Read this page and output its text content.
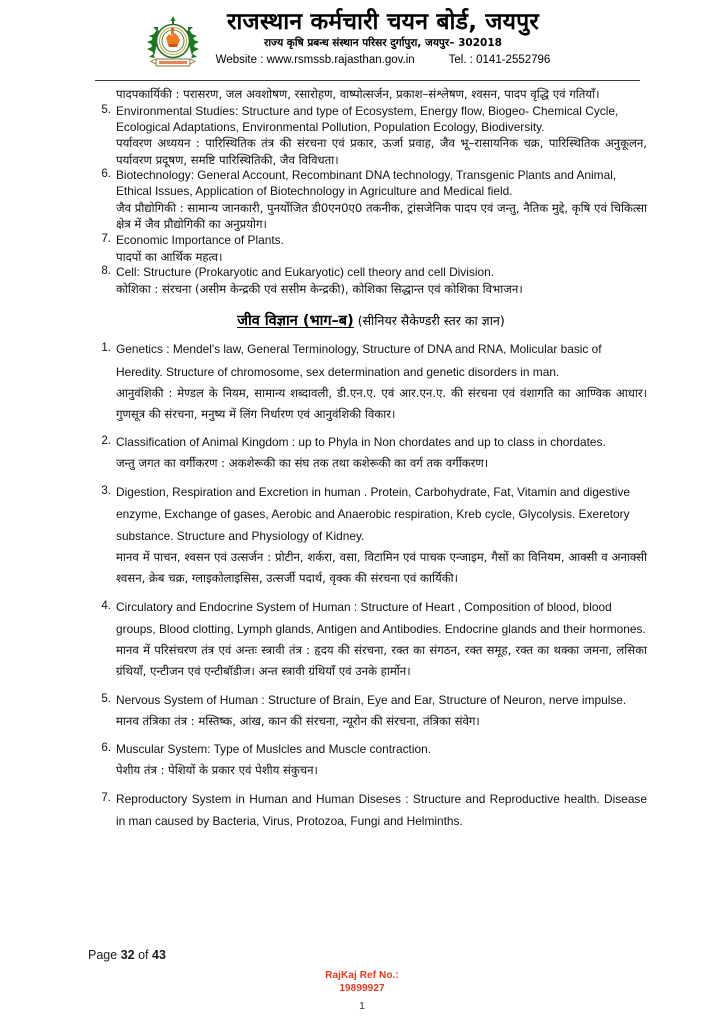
राजस्थान कर्मचारी चयन बोर्ड, जयपुर
राज्य कृषि प्रबन्ध संस्थान परिसर दुर्गापुरा, जयपुर– 302018
Website : www.rsmssb.rajasthan.gov.in	Tel. : 0141-2552796

पादपकार्यिकी : परासरण, जल अवशोषण, रसारोहण, वाष्पोत्सर्जन, प्रकाश–संश्लेषण, श्वसन, पादप वृद्धि एवं गतियाँ।

5. Environmental Studies: Structure and type of Ecosystem, Energy flow, Biogeo- Chemical Cycle, Ecological Adaptations, Environmental Pollution, Population Ecology, Biodiversity.

पर्यावरण अध्ययन : पारिस्थितिक तंत्र की संरचना एवं प्रकार, ऊर्जा प्रवाह, जैव भू–रासायनिक चक्र, पारिस्थितिक अनुकूलन, पर्यावरण प्रदूषण, समष्टि पारिस्थितिकी, जैव विविधता।

6. Biotechnology: General Account, Recombinant DNA technology, Transgenic Plants and Animal, Ethical Issues, Application of Biotechnology in Agriculture and Medical field.

जैव प्रौद्योगिकी : सामान्य जानकारी, पुनर्योजित डी0एन0ए0 तकनीक, ट्रांसजेनिक पादप एवं जन्तु, नैतिक मुद्दे, कृषि एवं चिकित्सा क्षेत्र में जैव प्रौद्योगिकी का अनुप्रयोग।

7. Economic Importance of Plants.

पादपों का आर्थिक महत्व।

8. Cell: Structure (Prokaryotic and Eukaryotic) cell theory and cell Division.

कोशिका : संरचना (असीम केन्द्रकी एवं ससीम केन्द्रकी), कोशिका सिद्धान्त एवं कोशिका विभाजन।

जीव विज्ञान (भाग–ब) (सीनियर सैकेण्डरी स्तर का ज्ञान)
1. Genetics : Mendel's law, General Terminology, Structure of DNA and RNA, Molicular basic of Heredity. Structure of chromosome, sex determination and genetic disorders in man.

आनुवंशिकी : मेण्डल के नियम, सामान्य शब्दावली, डी.एन.ए. एवं आर.एन.ए. की संरचना एवं वंशागति का आण्विक आधार। गुणसूत्र की संरचना, मनुष्य में लिंग निर्धारण एवं आनुवंशिकी विकार।

2. Classification of Animal Kingdom : up to Phyla in Non chordates and up to class in chordates.

जन्तु जगत का वर्गीकरण : अकशेरूकी का संघ तक तथा कशेरूकी का वर्ग तक वर्गीकरण।

3. Digestion, Respiration and Excretion in human . Protein, Carbohydrate, Fat, Vitamin and digestive enzyme, Exchange of gases, Aerobic and Anaerobic respiration, Kreb cycle, Glycolysis. Exeretory substance. Structure and Physiology of Kidney.

मानव में पाचन, श्वसन एवं उत्सर्जन : प्रोटीन, शर्करा, वसा, विटामिन एवं पाचक एन्जाइम, गैसों का विनियम, आक्सी व अनाक्सी श्वसन, क्रेब चक्र, ग्लाइकोलाइसिस, उत्सर्जी पदार्थ, वृक्क की संरचना एवं कार्यिकी।

4. Circulatory and Endocrine System of Human : Structure of Heart , Composition of blood, blood groups, Blood clotting, Lymph glands, Antigen and Antibodies. Endocrine glands and their hormones.

मानव में परिसंचरण तंत्र एवं अन्तः स्त्रावी तंत्र : हृदय की संरचना, रक्त का संगठन, रक्त समूह, रक्त का थक्का जमना, लसिका ग्रंथियाँ, एन्टीजन एवं एन्टीबॉडीज। अन्त स्त्रावी ग्रंथियाँ एवं उनके हार्मोन।

5. Nervous System of Human : Structure of Brain, Eye and Ear, Structure of Neuron, nerve impulse.

मानव तंत्रिका तंत्र : मस्तिष्क, आंख, कान की संरचना, न्यूरोन की संरचना, तंत्रिका संवेग।

6. Muscular System: Type of Muslcles and Muscle contraction.

पेशीय तंत्र : पेशियों के प्रकार एवं पेशीय संकुचन।

7. Reproductory System in Human and Human Diseses : Structure and Reproductive health. Disease in man caused by Bacteria, Virus, Protozoa, Fungi and Helminths.

Page 32 of 43
RajKaj Ref No.:
19899927
1
